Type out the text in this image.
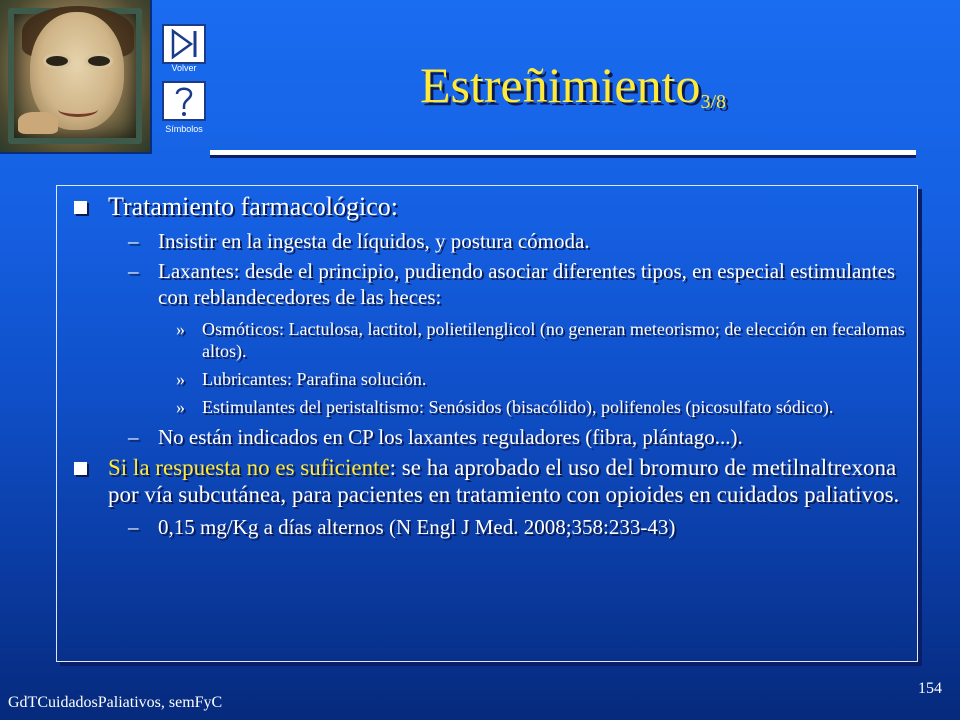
Volver
Símbolos
Estreñimiento$_{3/8}$
Tratamiento farmacológico:
– Insistir en la ingesta de líquidos, y postura cómoda.
– Laxantes: desde el principio, pudiendo asociar diferentes tipos, en especial estimulantes con reblandecedores de las heces:
» Osmóticos: Lactulosa, lactitol, polietilenglicol (no generan meteorismo; de elección en fecalomas altos).
» Lubricantes: Parafina solución.
» Estimulantes del peristaltismo: Senósidos (bisacólido), polifenoles (picosulfato sódico).
– No están indicados en CP los laxantes reguladores (fibra, plántago...).
Si la respuesta no es suficiente: se ha aprobado el uso del bromuro de metilnaltrexona por vía subcutánea, para pacientes en tratamiento con opioides en cuidados paliativos.
– 0,15 mg/Kg a días alternos (N Engl J Med. 2008;358:233-43)
GdTCuidadosPaliativos, semFyC
154
